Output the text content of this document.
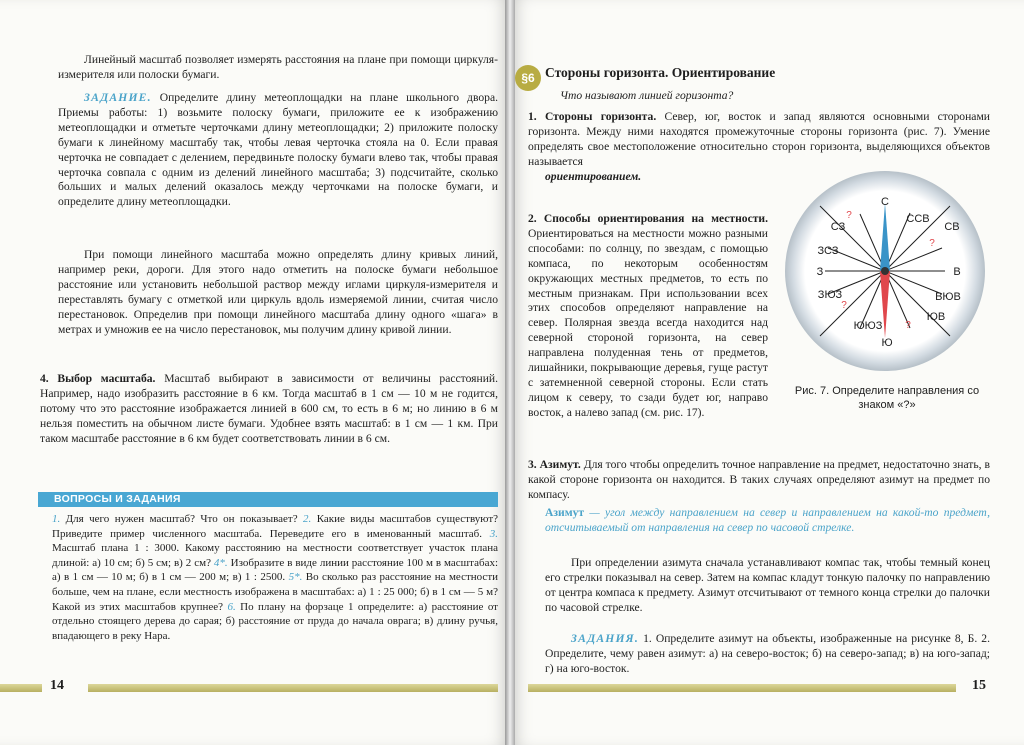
Линейный масштаб позволяет измерять расстояния на плане при помощи циркуля-измерителя или полоски бумаги.

ЗАДАНИЕ. Определите длину метеоплощадки на плане школьного двора. Приемы работы: 1) возьмите полоску бумаги, приложите ее к изображению метеоплощадки и отметьте черточками длину метеоплощадки; 2) приложите полоску бумаги к линейному масштабу так, чтобы левая черточка стояла на 0. Если правая черточка не совпадает с делением, передвиньте полоску бумаги влево так, чтобы правая черточка совпала с одним из делений линейного масштаба; 3) подсчитайте, сколько больших и малых делений оказалось между черточками на полоске бумаги, и определите длину метеоплощадки.

При помощи линейного масштаба можно определять длину кривых линий, например реки, дороги. Для этого надо отметить на полоске бумаги небольшое расстояние или установить небольшой раствор между иглами циркуля-измерителя и переставлять бумагу с отметкой или циркуль вдоль измеряемой линии, считая число перестановок. Определив при помощи линейного масштаба длину одного «шага» в метрах и умножив ее на число перестановок, мы получим длину кривой линии.

4. Выбор масштаба. Масштаб выбирают в зависимости от величины расстояний. Например, надо изобразить расстояние в 6 км. Тогда масштаб в 1 см — 10 м не годится, потому что это расстояние изображается линией в 600 см, то есть в 6 м; но линию в 6 м нельзя поместить на обычном листе бумаги. Удобнее взять масштаб: в 1 см — 1 км. При таком масштабе расстояние в 6 км будет соответствовать линии в 6 см.

ВОПРОСЫ И ЗАДАНИЯ
1. Для чего нужен масштаб? Что он показывает? 2. Какие виды масштабов существуют? Приведите пример численного масштаба. Переведите его в именованный масштаб. 3. Масштаб плана 1 : 3000. Какому расстоянию на местности соответствует участок плана длиной: а) 10 см; б) 5 см; в) 2 см? 4*. Изобразите в виде линии расстояние 100 м в масштабах: а) в 1 см — 10 м; б) в 1 см — 200 м; в) 1 : 2500. 5*. Во сколько раз расстояние на местности больше, чем на плане, если местность изображена в масштабах: а) 1 : 25 000; б) в 1 см — 5 м? Какой из этих масштабов крупнее? 6. По плану на форзаце 1 определите: а) расстояние от отдельно стоящего дерева до сарая; б) расстояние от пруда до начала оврага; в) длину ручья, впадающего в реку Нара.
14
§6 Стороны горизонта. Ориентирование
Что называют линией горизонта?

1. Стороны горизонта. Север, юг, восток и запад являются основными сторонами горизонта. Между ними находятся промежуточные стороны горизонта (рис. 7). Умение определять свое местоположение относительно сторон горизонта, выделяющихся объектов называется

ориентированием.

2. Способы ориентирования на местности. Ориентироваться на местности можно разными способами: по солнцу, по звездам, с помощью компаса, по некоторым особенностям окружающих местных предметов, то есть по местным признакам. При использовании всех этих способов определяют направление на север. Полярная звезда всегда находится над северной стороной горизонта, на север направлена полуденная тень от предметов, лишайники, покрывающие деревья, гуще растут с затемненной северной стороны. Если стать лицом к северу, то сзади будет юг, направо восток, а налево запад (см. рис. 17).

3. Азимут. Для того чтобы определить точное направление на предмет, недостаточно знать, в какой стороне горизонта он находится. В таких случаях определяют азимут на предмет по компасу.

Азимут — угол между направлением на север и направлением на какой-то предмет, отсчитываемый от направления на север по часовой стрелке.

При определении азимута сначала устанавливают компас так, чтобы темный конец его стрелки показывал на север. Затем на компас кладут тонкую палочку по направлению от центра компаса к предмету. Азимут отсчитывают от темного конца стрелки до палочки по часовой стрелке.

ЗАДАНИЯ. 1. Определите азимут на объекты, изображенные на рисунке 8, Б. 2. Определите, чему равен азимут: а) на северо-восток; б) на северо-запад; в) на юго-запад; г) на юго-восток.

С
ССВ
СВ
СЗ
ЗСЗ
З	В
ЗЮЗ	ВЮВ
ЮВ
ЮЮЗ
Ю
?
?
?
?
Рис. 7. Определите направления со знаком «?»
15
